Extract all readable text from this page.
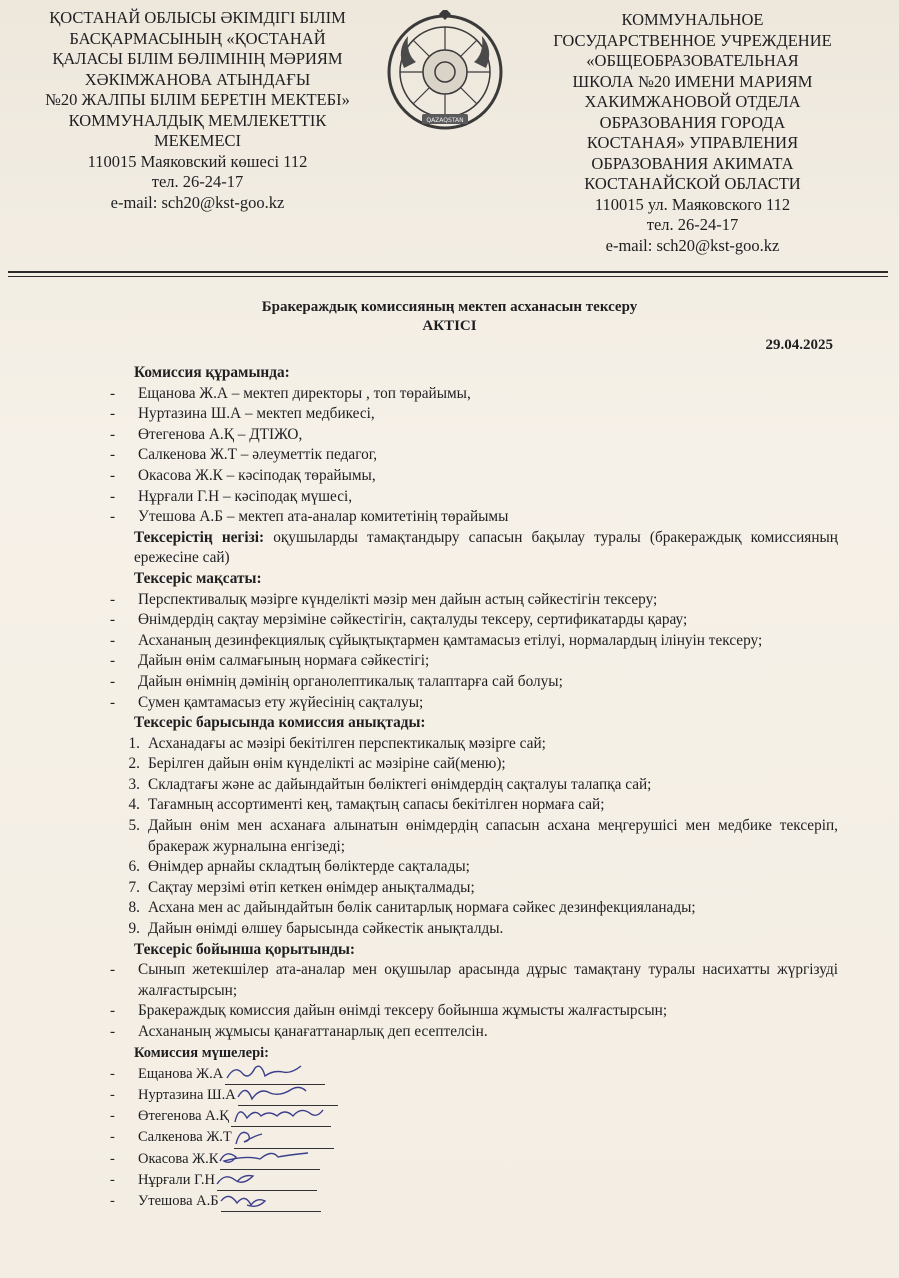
ҚОСТАНАЙ ОБЛЫСЫ ӘКІМДІГІ БІЛІМ
БАСҚАРМАСЫНЫҢ «ҚОСТАНАЙ
ҚАЛАСЫ БІЛІМ БӨЛІМІНІҢ МӘРИЯМ
ХӘКІМЖАНОВА АТЫНДАҒЫ
№20 ЖАЛПЫ БІЛІМ БЕРЕТІН МЕКТЕБІ»
КОММУНАЛДЫҚ МЕМЛЕКЕТТІК
МЕКЕМЕСІ
110015 Маяковский көшесі 112
тел. 26-24-17
e-mail: sch20@kst-goo.kz
QAZAQSTAN
КОММУНАЛЬНОЕ
ГОСУДАРСТВЕННОЕ УЧРЕЖДЕНИЕ
«ОБЩЕОБРАЗОВАТЕЛЬНАЯ
ШКОЛА №20 ИМЕНИ МАРИЯМ
ХАКИМЖАНОВОЙ ОТДЕЛА
ОБРАЗОВАНИЯ ГОРОДА
КОСТАНАЯ» УПРАВЛЕНИЯ
ОБРАЗОВАНИЯ АКИМАТА
КОСТАНАЙСКОЙ ОБЛАСТИ
110015 ул. Маяковского 112
тел. 26-24-17
e-mail: sch20@kst-goo.kz
Бракераждық комиссияның мектеп асханасын тексеру
АКТІСІ
29.04.2025
Комиссия құрамында:
-	Ещанова Ж.А – мектеп директоры , топ төрайымы,
-	Нуртазина Ш.А – мектеп медбикесі,
-	Өтегенова А.Қ – ДТІЖО,
-	Салкенова Ж.Т – әлеуметтік педагог,
-	Окасова Ж.К – кәсіподақ төрайымы,
-	Нұрғали Г.Н – кәсіподақ мүшесі,
-	Утешова А.Б – мектеп ата-аналар комитетінің төрайымы
Тексерістің негізі: оқушыларды тамақтандыру сапасын бақылау туралы (бракераждық комиссияның ережесіне сай)
Тексеріс мақсаты:
-	Перспективалық мәзірге күнделікті мәзір мен дайын астың сәйкестігін тексеру;
-	Өнімдердің сақтау мерзіміне сәйкестігін, сақталуды тексеру, сертификатарды қарау;
-	Асхананың дезинфекциялық сұйықтықтармен қамтамасыз етілуі, нормалардың ілінуін тексеру;
-	Дайын өнім салмағының нормаға сәйкестігі;
-	Дайын өнімнің дәмінің органолептикалық талаптарға сай болуы;
-	Сумен қамтамасыз ету жүйесінің сақталуы;
Тексеріс барысында комиссия анықтады:
1. Асханадағы ас мәзірі бекітілген перспектикалық мәзірге сай;
2. Берілген дайын өнім күнделікті ас мәзіріне сай(меню);
3. Складтағы және ас дайындайтын бөліктегі өнімдердің сақталуы талапқа сай;
4. Тағамның ассортименті кең, тамақтың сапасы бекітілген нормаға сай;
5. Дайын өнім мен асханаға алынатын өнімдердің сапасын асхана меңгерушісі мен медбике тексеріп, бракераж журналына енгізеді;
6. Өнімдер арнайы складтың бөліктерде сақталады;
7. Сақтау мерзімі өтіп кеткен өнімдер анықталмады;
8. Асхана мен ас дайындайтын бөлік санитарлық нормаға сәйкес дезинфекцияланады;
9. Дайын өнімді өлшеу барысында сәйкестік анықталды.
Тексеріс бойынша қорытынды:
-	Сынып жетекшілер ата-аналар мен оқушылар арасында дұрыс тамақтану туралы насихатты жүргізуді жалғастырсын;
-	Бракераждық комиссия дайын өнімді тексеру бойынша жұмысты жалғастырсын;
-	Асхананың жұмысы қанағаттанарлық деп есептелсін.
Комиссия мүшелері:
-	Ещанова Ж.А
-	Нуртазина Ш.А
-	Өтегенова А.Қ
-	Салкенова Ж.Т
-	Окасова Ж.К
-	Нұрғали Г.Н
-	Утешова А.Б
